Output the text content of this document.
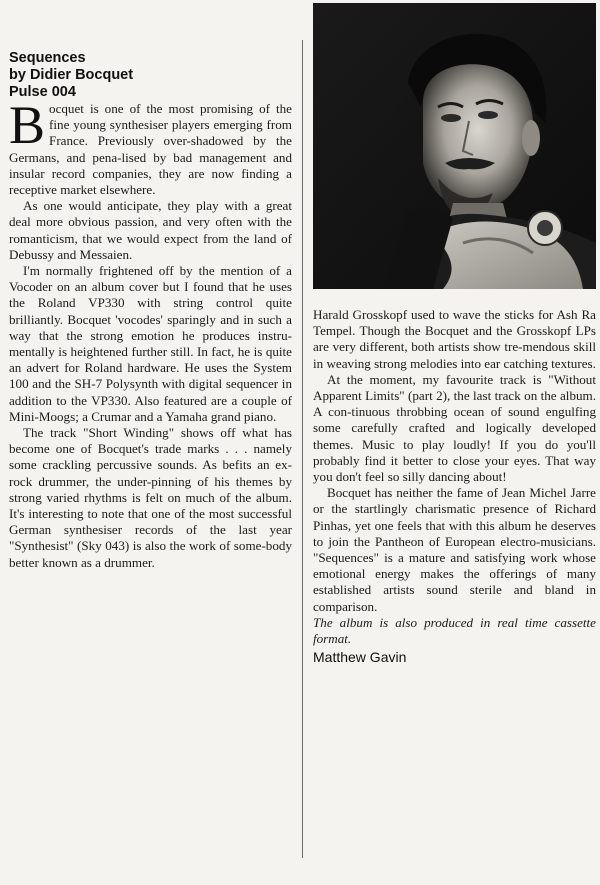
Sequences
by Didier Bocquet
Pulse 004

Bocquet is one of the most promising of the fine young synthesiser players emerging from France. Previously over-shadowed by the Germans, and pena-lised by bad management and insular record companies, they are now finding a receptive market elsewhere.

As one would anticipate, they play with a great deal more obvious passion, and very often with the romanticism, that we would expect from the land of Debussy and Messaien.

I'm normally frightened off by the mention of a Vocoder on an album cover but I found that he uses the Roland VP330 with string control quite brilliantly. Bocquet 'vocodes' sparingly and in such a way that the strong emotion he produces instru-mentally is heightened further still. In fact, he is quite an advert for Roland hardware. He uses the System 100 and the SH-7 Polysynth with digital sequencer in addition to the VP330. Also featured are a couple of Mini-Moogs; a Crumar and a Yamaha grand piano.

The track "Short Winding" shows off what has become one of Bocquet's trade marks . . . namely some crackling percussive sounds. As befits an ex-rock drummer, the under-pinning of his themes by strong varied rhythms is felt on much of the album. It's interesting to note that one of the most successful German synthesiser records of the last year "Synthesist" (Sky 043) is also the work of some-body better known as a drummer.

Harald Grosskopf used to wave the sticks for Ash Ra Tempel. Though the Bocquet and the Grosskopf LPs are very different, both artists show tre-mendous skill in weaving strong melodies into ear catching textures.

At the moment, my favourite track is "Without Apparent Limits" (part 2), the last track on the album. A con-tinuous throbbing ocean of sound engulfing some carefully crafted and logically developed themes. Music to play loudly! If you do you'll probably find it better to close your eyes. That way you don't feel so silly dancing about!

Bocquet has neither the fame of Jean Michel Jarre or the startlingly charismatic presence of Richard Pinhas, yet one feels that with this album he deserves to join the Pantheon of European electro-musicians. "Sequences" is a mature and satisfying work whose emotional energy makes the offerings of many established artists sound sterile and bland in comparison.

The album is also produced in real time cassette format.

Matthew Gavin
